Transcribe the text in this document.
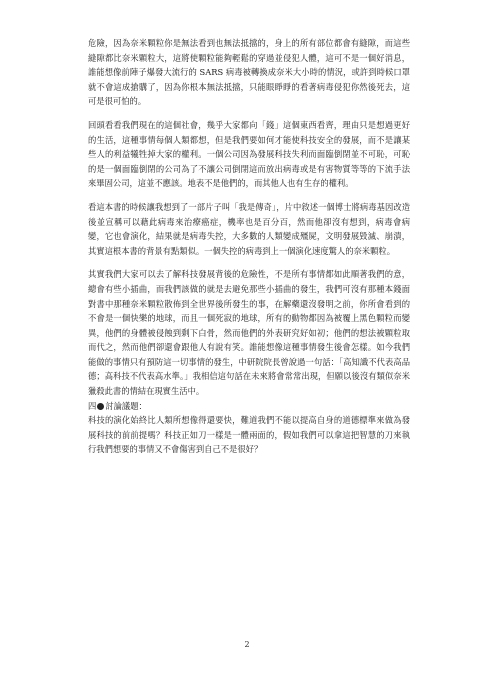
危險，因為奈米顆粒你是無法看到也無法抵擋的，身上的所有部位都會有縫隙，而這些縫隙都比奈米顆粒大，這將使顆粒能夠輕鬆的穿過並侵犯人體，這可不是一個好消息，誰能想像前陣子爆發大流行的 SARS 病毒被轉換成奈米大小時的情況，或許到時候口罩就不會這成搶購了，因為你根本無法抵擋，只能眼睜睜的看著病毒侵犯你然後死去，這可是很可怕的。

回頭看看我們現在的這個社會，幾乎大家都向「錢」這個東西看齊，理由只是想過更好的生活，這種事情每個人類都想，但是我們要如何才能使科技安全的發展，而不是讓某些人的利益犧牲掉大家的權利。一個公司因為發展科技失利而面臨倒閉並不可恥，可恥的是一個面臨倒閉的公司為了不讓公司倒閉這而放出病毒或是有害物質等等的下流手法來畢固公司，這並不應該。地表不是他們的，而其他人也有生存的權利。

看這本書的時候讓我想到了一部片子叫「我是傳奇」，片中敘述一個博士將病毒基因改造後並宣稱可以藉此病毒來治療癌症，機率也是百分百，然而他卻沒有想到，病毒會病變，它也會演化，結果就是病毒失控，大多數的人類變成殭屍，文明發展毀滅、崩潰，其實這根本書的背景有點類似。一個失控的病毒到上一個演化速度驚人的奈米顆粒。

其實我們大家可以去了解科技發展背後的危險性，不是所有事情都如此順著我們的意，總會有些小插曲，而我們該做的就是去避免那些小插曲的發生，我們可沒有那種本錢面對書中那種奈米顆粒散佈到全世界後所發生的事，在解藥還沒發明之前，你所會看到的不會是一個快樂的地球，而且一個死寂的地球，所有的動物都因為被覆上黑色顆粒而變異，他們的身體被侵蝕到剩下白骨，然而他們的外表研究好如初；他們的想法被顆粒取而代之，然而他們卻還會跟他人有說有笑。誰能想像這種事情發生後會怎樣。如今我們能做的事情只有預防這一切事情的發生，中研院院長曾說過一句話：「高知識不代表高品德；高科技不代表高水準。」我相信這句話在未來將會常常出現，但願以後沒有類似奈米獵殺此書的情結在現實生活中。

四 討論議題：

科技的演化始終比人類所想像得還要快，難道我們不能以提高自身的道德標準來做為發展科技的前前提嗎？科技正如刀一樣是一體兩面的，假如我們可以拿這把智慧的刀來執行我們想要的事情又不會傷害到自己不是很好？

2
